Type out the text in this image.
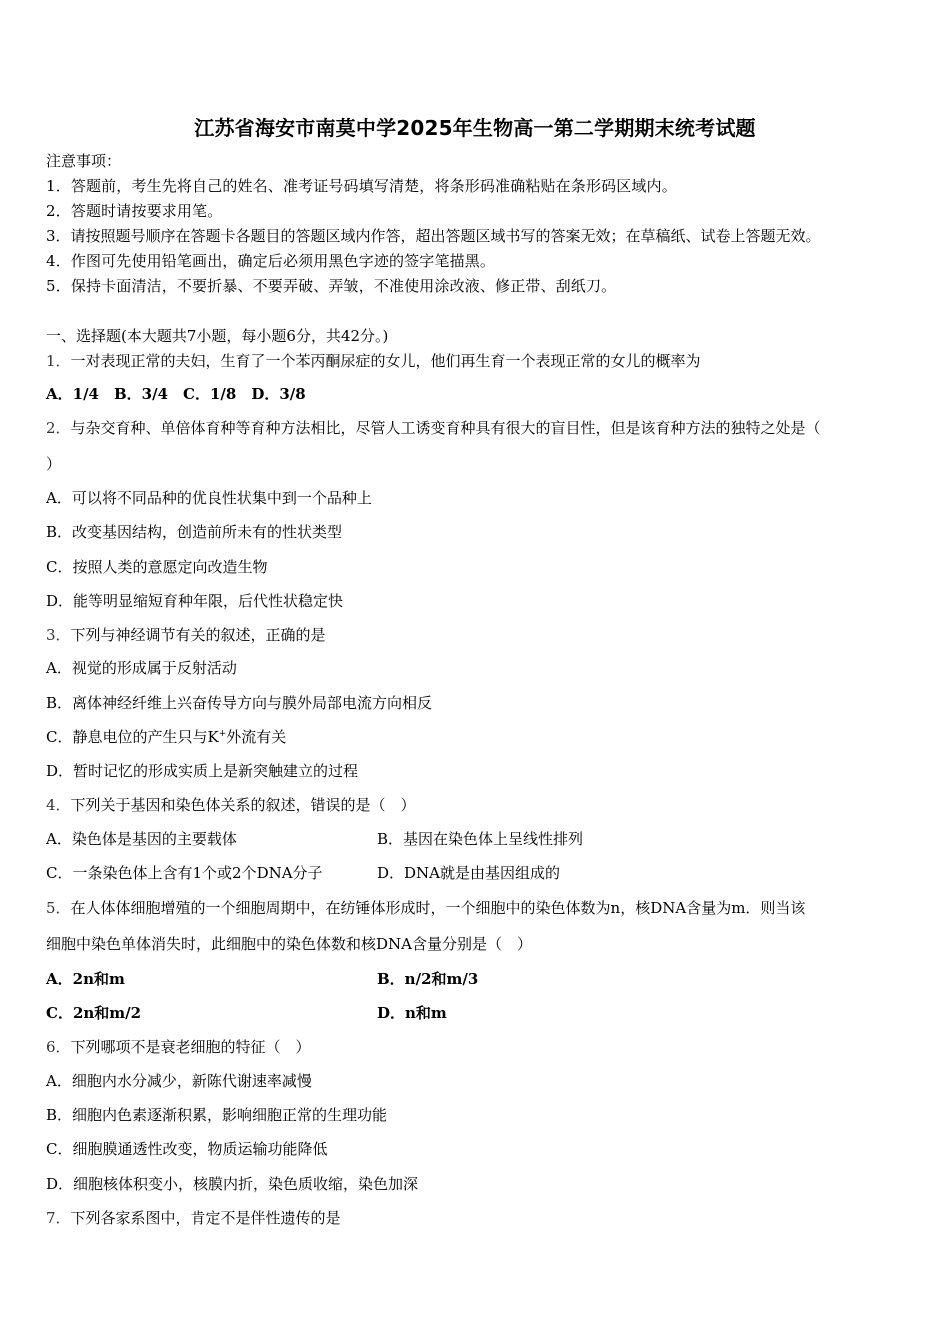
江苏省海安市南莫中学2025年生物高一第二学期期末统考试题
注意事项：
1．答题前，考生先将自己的姓名、准考证号码填写清楚，将条形码准确粘贴在条形码区域内。
2．答题时请按要求用笔。
3．请按照题号顺序在答题卡各题目的答题区域内作答，超出答题区域书写的答案无效；在草稿纸、试卷上答题无效。
4．作图可先使用铅笔画出，确定后必须用黑色字迹的签字笔描黑。
5．保持卡面清洁，不要折暴、不要弄破、弄皱，不准使用涂改液、修正带、刮纸刀。
一、选择题(本大题共7小题，每小题6分，共42分。)
1．一对表现正常的夫妇，生育了一个苯丙酮尿症的女儿，他们再生育一个表现正常的女儿的概率为
A．1/4　B．3/4　C．1/8　D．3/8
2．与杂交育种、单倍体育种等育种方法相比，尽管人工诱变育种具有很大的盲目性，但是该育种方法的独特之处是（
）
A．可以将不同品种的优良性状集中到一个品种上
B．改变基因结构，创造前所未有的性状类型
C．按照人类的意愿定向改造生物
D．能等明显缩短育种年限，后代性状稳定快
3．下列与神经调节有关的叙述，正确的是
A．视觉的形成属于反射活动
B．离体神经纤维上兴奋传导方向与膜外局部电流方向相反
C．静息电位的产生只与K+外流有关
D．暂时记忆的形成实质上是新突触建立的过程
4．下列关于基因和染色体关系的叙述，错误的是（　）
A．染色体是基因的主要载体	B．基因在染色体上呈线性排列
C．一条染色体上含有1个或2个DNA分子	D．DNA就是由基因组成的
5．在人体体细胞增殖的一个细胞周期中，在纺锤体形成时，一个细胞中的染色体数为n，核DNA含量为m．则当该
细胞中染色单体消失时，此细胞中的染色体数和核DNA含量分别是（　）
A．2n和m	B．n/2和m/3
C．2n和m/2	D．n和m
6．下列哪项不是衰老细胞的特征（　）
A．细胞内水分减少，新陈代谢速率减慢
B．细胞内色素逐渐积累，影响细胞正常的生理功能
C．细胞膜通透性改变，物质运输功能降低
D．细胞核体积变小，核膜内折，染色质收缩，染色加深
7．下列各家系图中，肯定不是伴性遗传的是
